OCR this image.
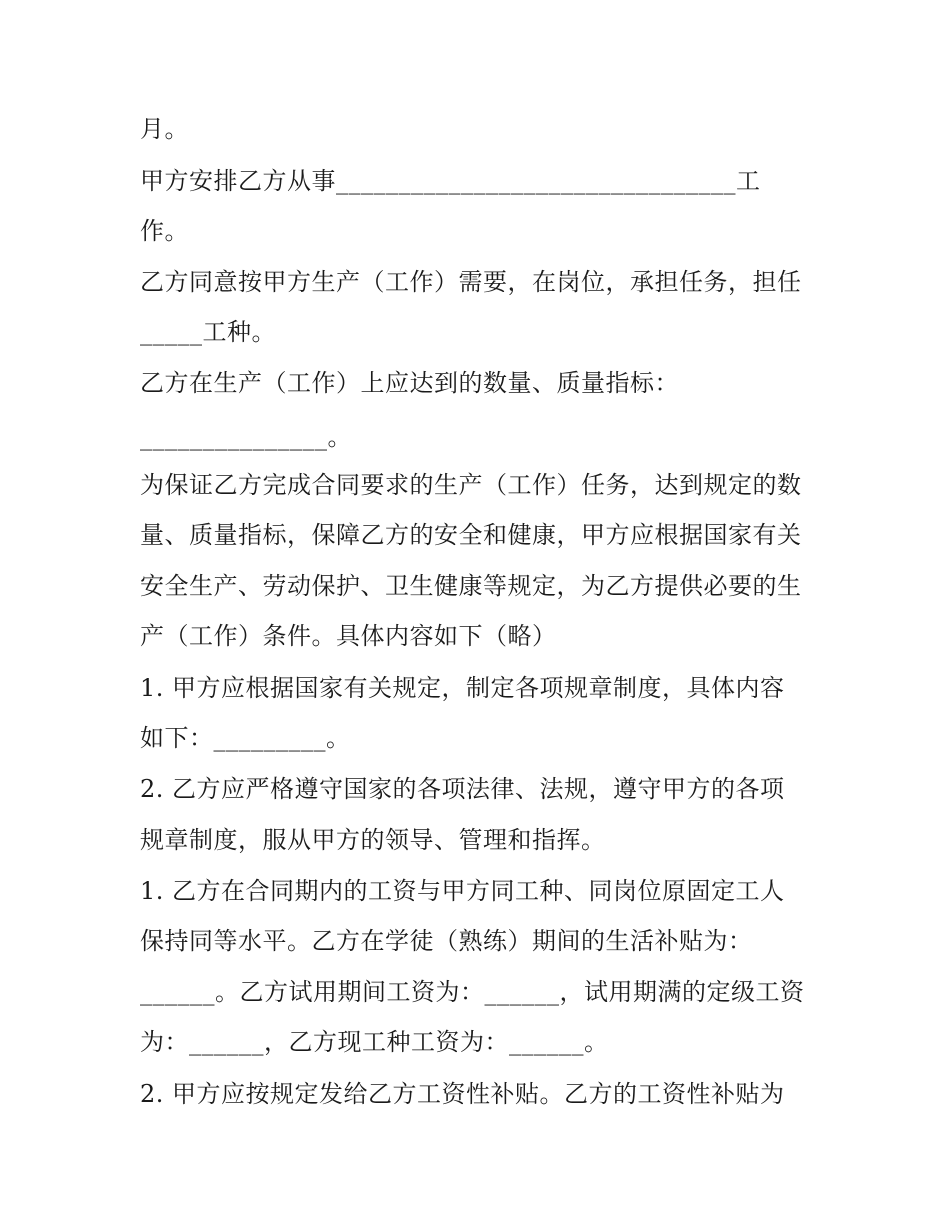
月。
甲方安排乙方从事________________________________工
作。
乙方同意按甲方生产（工作）需要，在岗位，承担任务，担任
_____工种。
乙方在生产（工作）上应达到的数量、质量指标：
_______________。
为保证乙方完成合同要求的生产（工作）任务，达到规定的数
量、质量指标，保障乙方的安全和健康，甲方应根据国家有关
安全生产、劳动保护、卫生健康等规定，为乙方提供必要的生
产（工作）条件。具体内容如下（略）
1. 甲方应根据国家有关规定，制定各项规章制度，具体内容
如下：_________。
2. 乙方应严格遵守国家的各项法律、法规，遵守甲方的各项
规章制度，服从甲方的领导、管理和指挥。
1. 乙方在合同期内的工资与甲方同工种、同岗位原固定工人
保持同等水平。乙方在学徒（熟练）期间的生活补贴为：
______。乙方试用期间工资为：______，试用期满的定级工资
为：______，乙方现工种工资为：______。
2. 甲方应按规定发给乙方工资性补贴。乙方的工资性补贴为
